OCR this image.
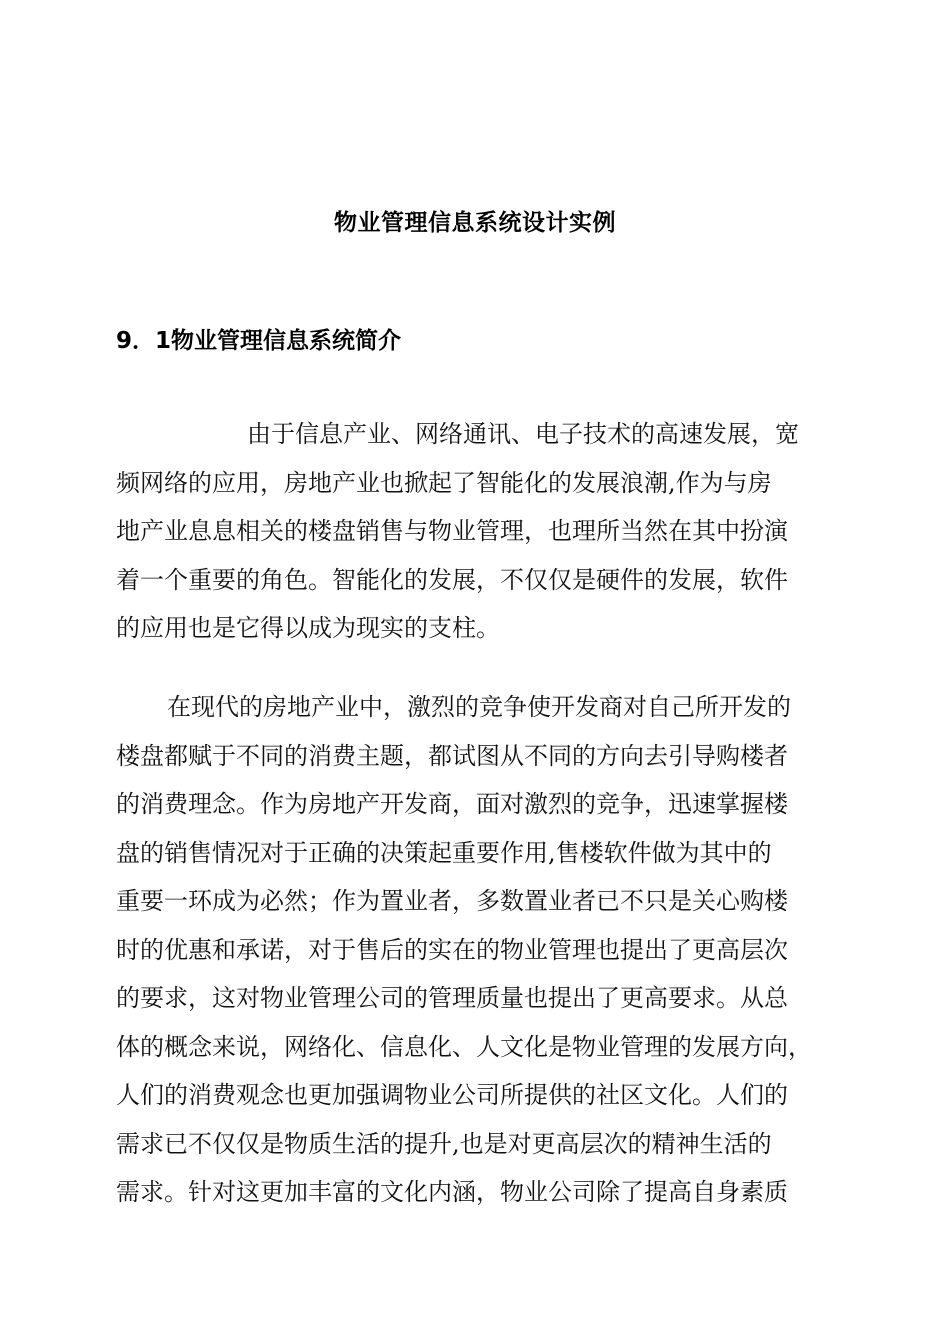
物业管理信息系统设计实例
9．1物业管理信息系统简介
由于信息产业、网络通讯、电子技术的高速发展，宽
频网络的应用，房地产业也掀起了智能化的发展浪潮,作为与房
地产业息息相关的楼盘销售与物业管理，也理所当然在其中扮演
着一个重要的角色。智能化的发展，不仅仅是硬件的发展，软件
的应用也是它得以成为现实的支柱。
在现代的房地产业中，激烈的竞争使开发商对自己所开发的
楼盘都赋于不同的消费主题，都试图从不同的方向去引导购楼者
的消费理念。作为房地产开发商，面对激烈的竞争，迅速掌握楼
盘的销售情况对于正确的决策起重要作用,售楼软件做为其中的
重要一环成为必然；作为置业者，多数置业者已不只是关心购楼
时的优惠和承诺，对于售后的实在的物业管理也提出了更高层次
的要求，这对物业管理公司的管理质量也提出了更高要求。从总
体的概念来说，网络化、信息化、人文化是物业管理的发展方向，
人们的消费观念也更加强调物业公司所提供的社区文化。人们的
需求已不仅仅是物质生活的提升,也是对更高层次的精神生活的
需求。针对这更加丰富的文化内涵，物业公司除了提高自身素质
